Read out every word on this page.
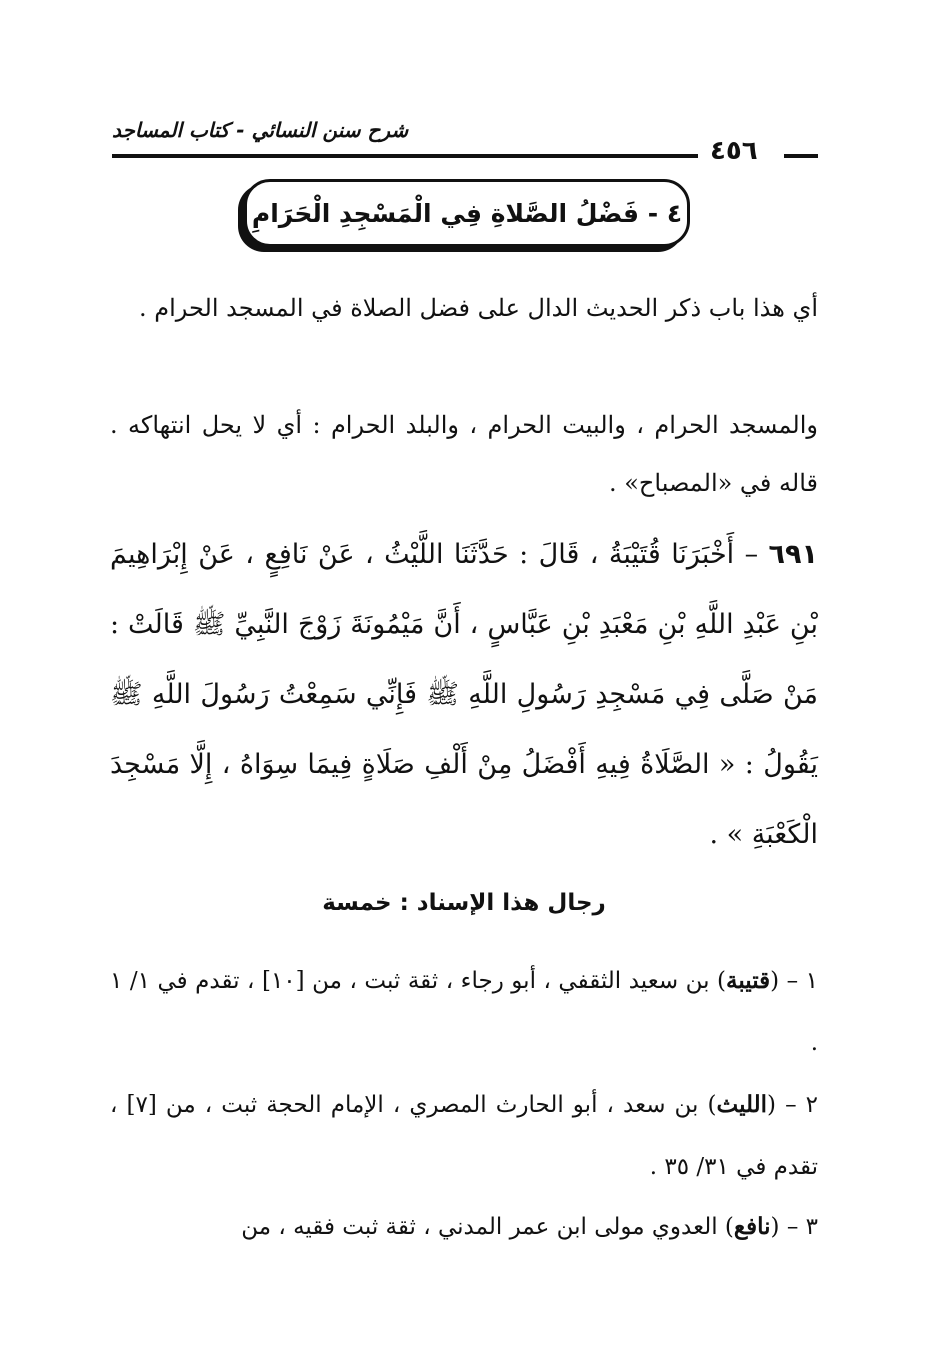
شرح سنن النسائي - كتاب المساجد
٤٥٦
٤ - فَضْلُ الصَّلاةِ فِي الْمَسْجِدِ الْحَرَامِ

أي هذا باب ذكر الحديث الدال على فضل الصلاة في المسجد الحرام .

والمسجد الحرام ، والبيت الحرام ، والبلد الحرام : أي لا يحل انتهاكه . قاله في «المصباح» .

٦٩١ – أَخْبَرَنَا قُتَيْبَةُ ، قَالَ : حَدَّثَنَا اللَّيْثُ ، عَنْ نَافِعٍ ، عَنْ إِبْرَاهِيمَ بْنِ عَبْدِ اللَّهِ بْنِ مَعْبَدِ بْنِ عَبَّاسٍ ، أَنَّ مَيْمُونَةَ زَوْجَ النَّبِيِّ ﷺ قَالَتْ : مَنْ صَلَّى فِي مَسْجِدِ رَسُولِ اللَّهِ ﷺ فَإِنِّي سَمِعْتُ رَسُولَ اللَّهِ ﷺ يَقُولُ : « الصَّلَاةُ فِيهِ أَفْضَلُ مِنْ أَلْفِ صَلَاةٍ فِيمَا سِوَاهُ ، إِلَّا مَسْجِدَ الْكَعْبَةِ » .

رجال هذا الإسناد : خمسة

١ – (قتيبة) بن سعيد الثقفي ، أبو رجاء ، ثقة ثبت ، من [١٠] ، تقدم في ١/ ١ .

٢ – (الليث) بن سعد ، أبو الحارث المصري ، الإمام الحجة ثبت ، من [٧] ، تقدم في ٣١/ ٣٥ .

٣ – (نافع) العدوي مولى ابن عمر المدني ، ثقة ثبت فقيه ، من
